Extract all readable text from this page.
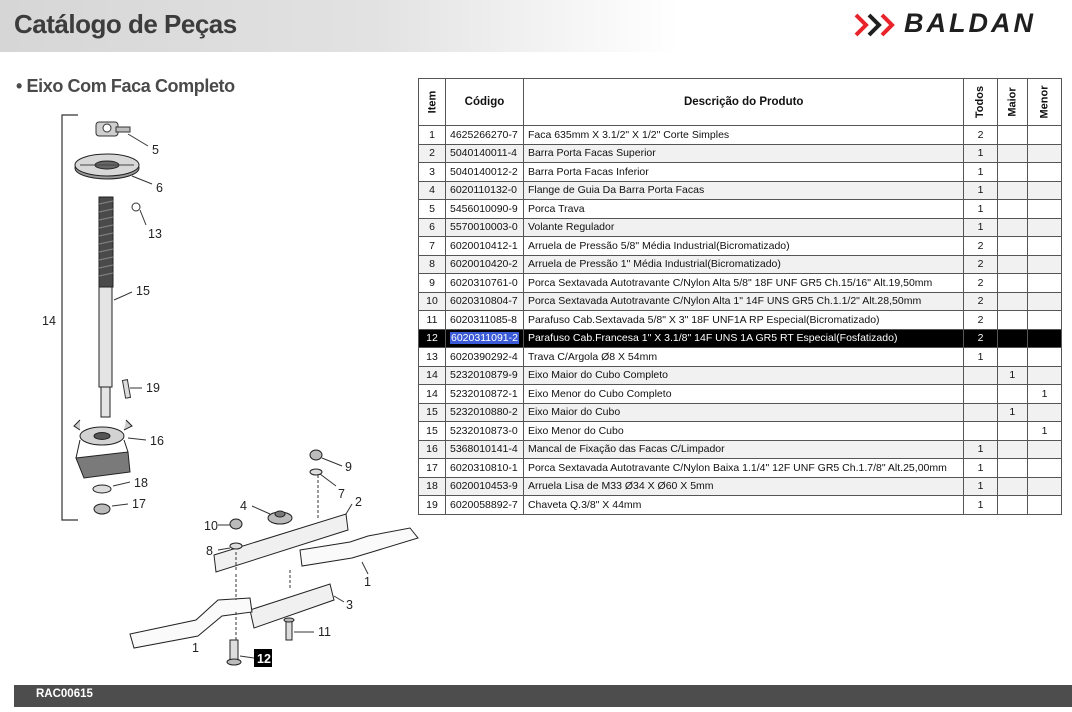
Catálogo de Peças	BALDAN
• Eixo Com Faca Completo
14
5
6
13
15
19
16
18
17	4
9
7
2
10
8
1
3
11
1
12
Item	Código	Descrição do Produto	Todos	Maior	Menor
1	4625266270-7	Faca 635mm X 3.1/2" X 1/2" Corte Simples	2		
2	5040140011-4	Barra Porta Facas Superior	1		
3	5040140012-2	Barra Porta Facas Inferior	1		
4	6020110132-0	Flange de Guia Da Barra Porta Facas	1		
5	5456010090-9	Porca Trava	1		
6	5570010003-0	Volante Regulador	1		
7	6020010412-1	Arruela de Pressão 5/8" Média Industrial(Bicromatizado)	2		
8	6020010420-2	Arruela de Pressão 1" Média Industrial(Bicromatizado)	2		
9	6020310761-0	Porca Sextavada Autotravante C/Nylon Alta 5/8" 18F UNF GR5 Ch.15/16" Alt.19,50mm	2		
10	6020310804-7	Porca Sextavada Autotravante C/Nylon Alta 1" 14F UNS GR5 Ch.1.1/2" Alt.28,50mm	2		
11	6020311085-8	Parafuso Cab.Sextavada 5/8" X 3" 18F UNF1A RP Especial(Bicromatizado)	2		
12	6020311091-2	Parafuso Cab.Francesa 1" X 3.1/8" 14F UNS 1A GR5 RT Especial(Fosfatizado)	2		
13	6020390292-4	Trava C/Argola Ø8 X 54mm	1		
14	5232010879-9	Eixo Maior do Cubo Completo		1	
14	5232010872-1	Eixo Menor do Cubo Completo			1
15	5232010880-2	Eixo Maior do Cubo		1	
15	5232010873-0	Eixo Menor do Cubo			1
16	5368010141-4	Mancal de Fixação das Facas C/Limpador	1		
17	6020310810-1	Porca Sextavada Autotravante C/Nylon Baixa 1.1/4" 12F UNF GR5 Ch.1.7/8" Alt.25,00mm	1		
18	6020010453-9	Arruela Lisa de M33 Ø34 X Ø60 X 5mm	1		
19	6020058892-7	Chaveta Q.3/8" X 44mm	1		
RAC00615
